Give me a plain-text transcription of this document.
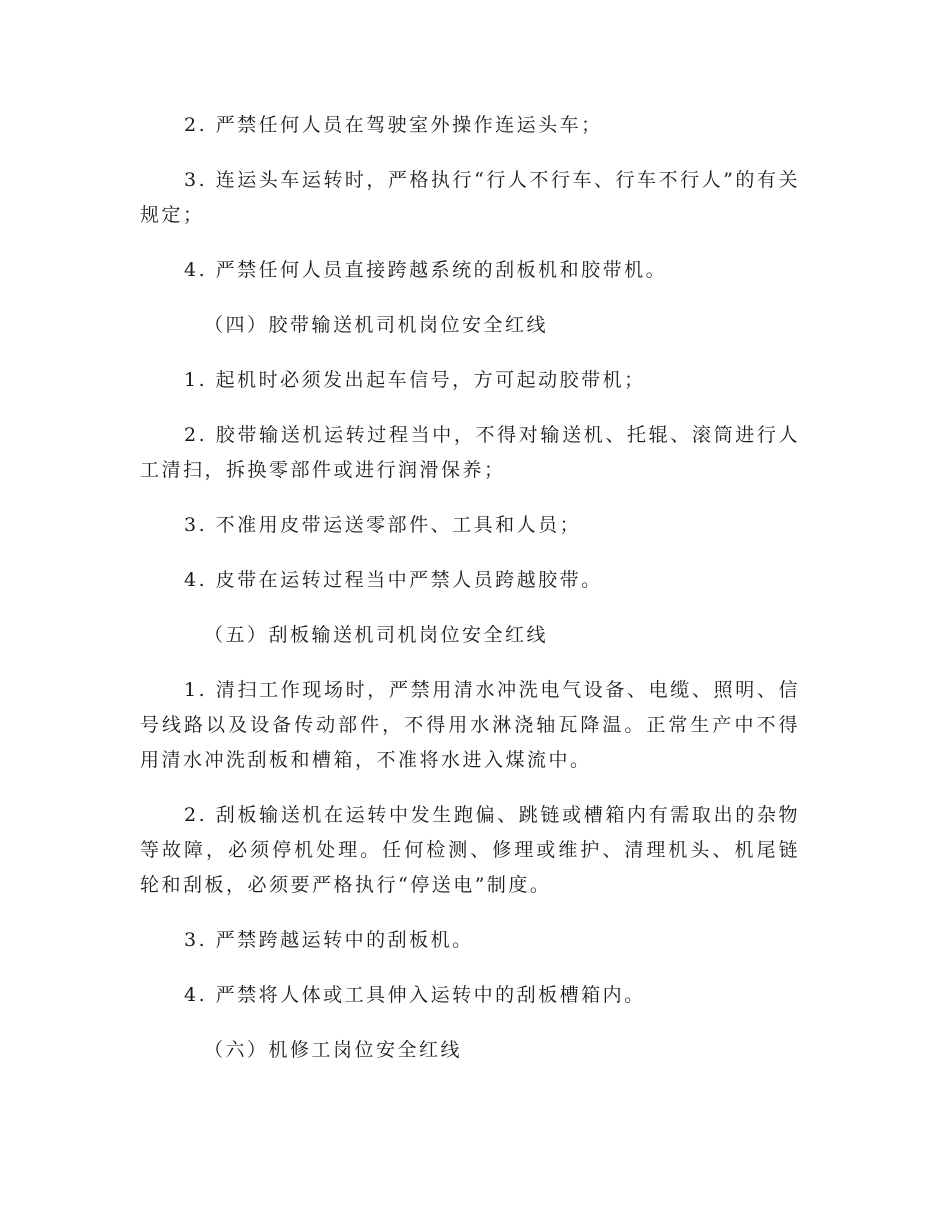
2. 严禁任何人员在驾驶室外操作连运头车；

3. 连运头车运转时，严格执行“行人不行车、行车不行人”的有关规定；

4. 严禁任何人员直接跨越系统的刮板机和胶带机。

（四）胶带输送机司机岗位安全红线

1. 起机时必须发出起车信号，方可起动胶带机；

2. 胶带输送机运转过程当中，不得对输送机、托辊、滚筒进行人工清扫，拆换零部件或进行润滑保养；

3. 不准用皮带运送零部件、工具和人员；

4. 皮带在运转过程当中严禁人员跨越胶带。

（五）刮板输送机司机岗位安全红线

1. 清扫工作现场时，严禁用清水冲洗电气设备、电缆、照明、信号线路以及设备传动部件，不得用水淋浇轴瓦降温。正常生产中不得用清水冲洗刮板和槽箱，不准将水进入煤流中。

2. 刮板输送机在运转中发生跑偏、跳链或槽箱内有需取出的杂物等故障，必须停机处理。任何检测、修理或维护、清理机头、机尾链轮和刮板，必须要严格执行“停送电”制度。

3. 严禁跨越运转中的刮板机。

4. 严禁将人体或工具伸入运转中的刮板槽箱内。

（六）机修工岗位安全红线
